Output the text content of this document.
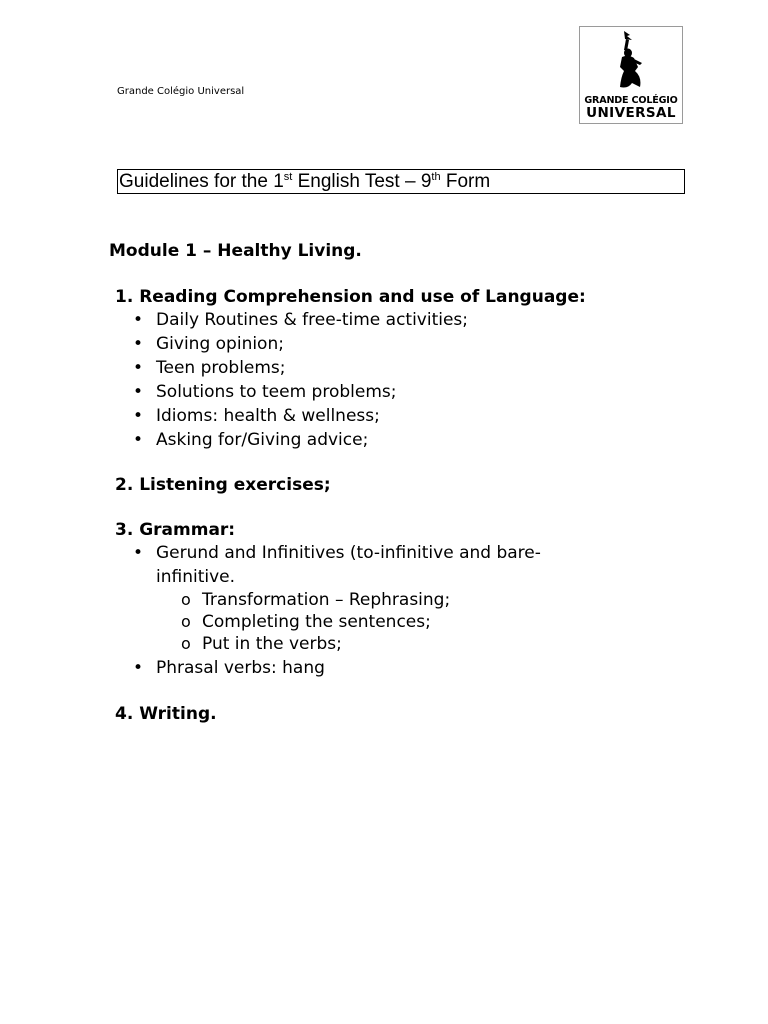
Grande Colégio Universal
GRANDE COLÉGIO
UNIVERSAL
Guidelines for the 1st English Test – 9th Form
Module 1 – Healthy Living.
1. Reading Comprehension and use of Language:
• Daily Routines & free-time activities;
• Giving opinion;
• Teen problems;
• Solutions to teem problems;
• Idioms: health & wellness;
• Asking for/Giving advice;
2. Listening exercises;
3. Grammar:
• Gerund and Infinitives (to-infinitive and bare-
infinitive.
o Transformation – Rephrasing;
o Completing the sentences;
o Put in the verbs;
• Phrasal verbs: hang
4. Writing.
